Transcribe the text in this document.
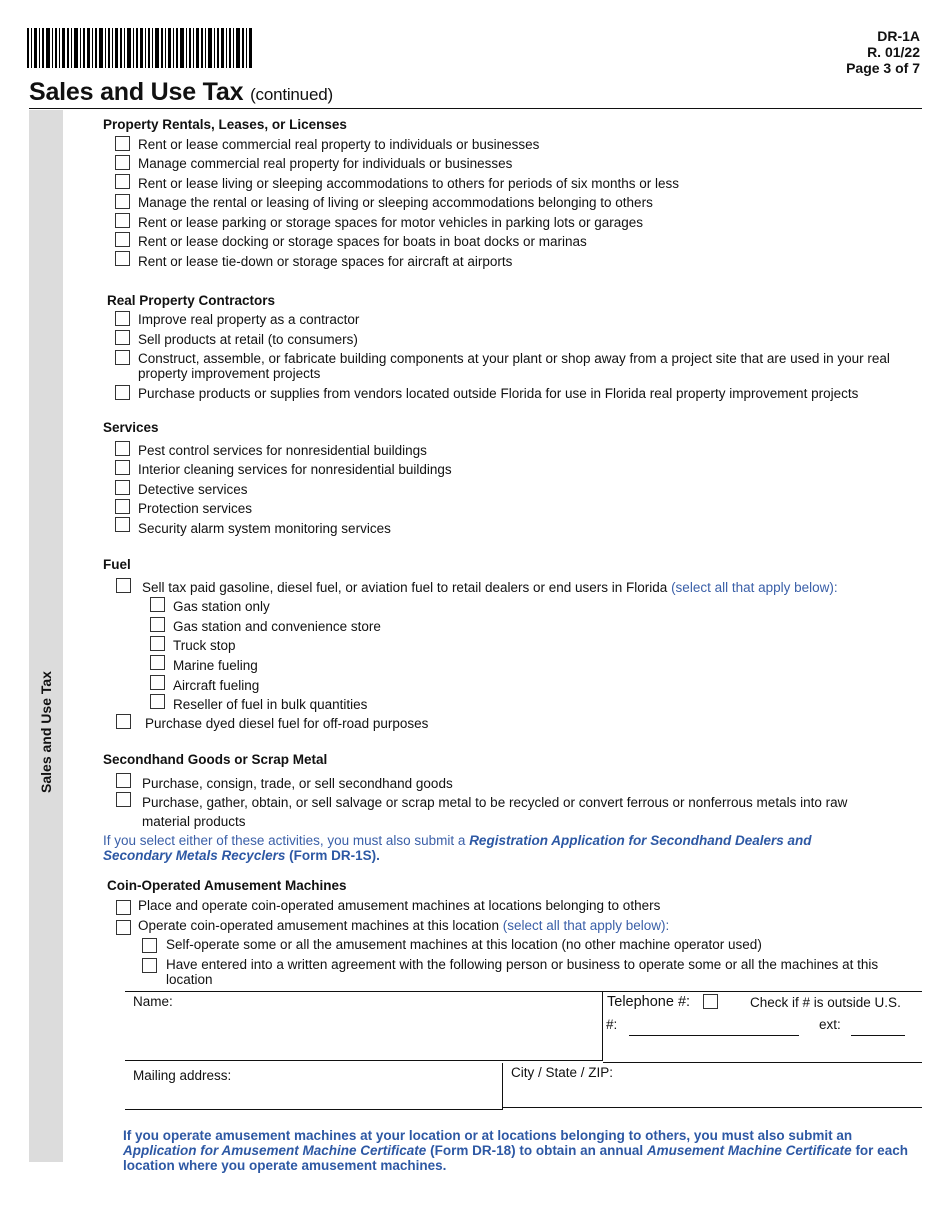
DR-1A
R. 01/22
Page 3 of 7
Sales and Use Tax (continued)
Sales and Use Tax
Property Rentals, Leases, or Licenses
Rent or lease commercial real property to individuals or businesses
Manage commercial real property for individuals or businesses
Rent or lease living or sleeping accommodations to others for periods of six months or less
Manage the rental or leasing of living or sleeping accommodations belonging to others
Rent or lease parking or storage spaces for motor vehicles in parking lots or garages
Rent or lease docking or storage spaces for boats in boat docks or marinas
Rent or lease tie-down or storage spaces for aircraft at airports
Real Property Contractors
Improve real property as a contractor
Sell products at retail (to consumers)
Construct, assemble, or fabricate building components at your plant or shop away from a project site that are used in your real
property improvement projects
Purchase products or supplies from vendors located outside Florida for use in Florida real property improvement projects
Services
Pest control services for nonresidential buildings
Interior cleaning services for nonresidential buildings
Detective services
Protection services
Security alarm system monitoring services
Fuel
Sell tax paid gasoline, diesel fuel, or aviation fuel to retail dealers or end users in Florida (select all that apply below):
Gas station only
Gas station and convenience store
Truck stop
Marine fueling
Aircraft fueling
Reseller of fuel in bulk quantities
Purchase dyed diesel fuel for off-road purposes
Secondhand Goods or Scrap Metal
Purchase, consign, trade, or sell secondhand goods
Purchase, gather, obtain, or sell salvage or scrap metal to be recycled or convert ferrous or nonferrous metals into raw
material products
If you select either of these activities, you must also submit a Registration Application for Secondhand Dealers and
Secondary Metals Recyclers (Form DR-1S).
Coin-Operated Amusement Machines
Place and operate coin-operated amusement machines at locations belonging to others
Operate coin-operated amusement machines at this location (select all that apply below):
Self-operate some or all the amusement machines at this location (no other machine operator used)
Have entered into a written agreement with the following person or business to operate some or all the machines at this
location
Name:	Telephone #:	Check if # is outside U.S.
#:	ext:
Mailing address:	City / State / ZIP:
If you operate amusement machines at your location or at locations belonging to others, you must also submit an Application for Amusement Machine Certificate (Form DR-18) to obtain an annual Amusement Machine Certificate for each location where you operate amusement machines.
